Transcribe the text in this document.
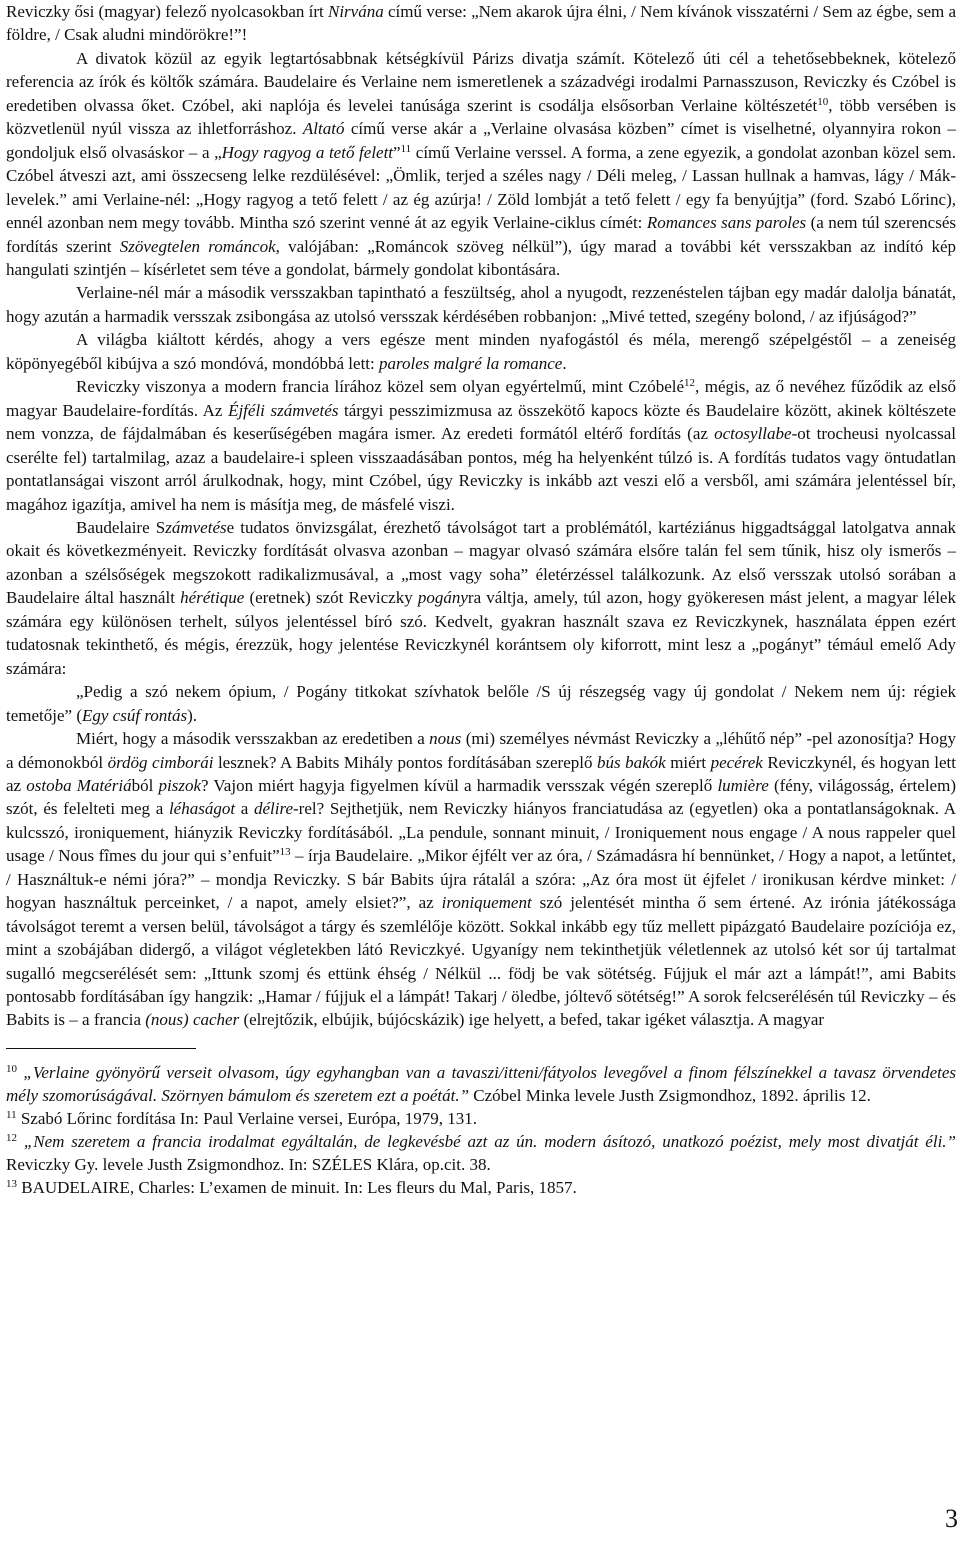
Reviczky ősi (magyar) felező nyolcasokban írt Nirvána című verse: „Nem akarok újra élni, / Nem kívánok visszatérni / Sem az égbe, sem a földre, / Csak aludni mindörökre!”!

A divatok közül az egyik legtartósabbnak kétségkívül Párizs divatja számít. Kötelező úti cél a tehetősebbeknek, kötelező referencia az írók és költők számára. Baudelaire és Verlaine nem ismeretlenek a századvégi irodalmi Parnasszuson, Reviczky és Czóbel is eredetiben olvassa őket. Czóbel, aki naplója és levelei tanúsága szerint is csodálja elsősorban Verlaine költészetét$^{10}$, több versében is közvetlenül nyúl vissza az ihletforráshoz. Altató című verse akár a „Verlaine olvasása közben” címet is viselhetné, olyannyira rokon – gondoljuk első olvasáskor – a „Hogy ragyog a tető felett”$^{11}$ című Verlaine verssel. A forma, a zene egyezik, a gondolat azonban közel sem. Czóbel átveszi azt, ami összecseng lelke rezdülésével: „Ömlik, terjed a széles nagy / Déli meleg, / Lassan hullnak a hamvas, lágy / Mák-levelek.” ami Verlaine-nél: „Hogy ragyog a tető felett / az ég azúrja! / Zöld lombját a tető felett / egy fa benyújtja” (ford. Szabó Lőrinc), ennél azonban nem megy tovább. Mintha szó szerint venné át az egyik Verlaine-ciklus címét: Romances sans paroles (a nem túl szerencsés fordítás szerint Szövegtelen románcok, valójában: „Románcok szöveg nélkül”), úgy marad a további két versszakban az indító kép hangulati szintjén – kísérletet sem téve a gondolat, bármely gondolat kibontására.

Verlaine-nél már a második versszakban tapintható a feszültség, ahol a nyugodt, rezzenéstelen tájban egy madár dalolja bánatát, hogy azután a harmadik versszak zsibongása az utolsó versszak kérdésében robbanjon: „Mivé tetted, szegény bolond, / az ifjúságod?”

A világba kiáltott kérdés, ahogy a vers egésze ment minden nyafogástól és méla, merengő szépelgéstől – a zeneiség köpönyegéből kibújva a szó mondóvá, mondóbbá lett: paroles malgré la romance.

Reviczky viszonya a modern francia lírához közel sem olyan egyértelmű, mint Czóbelé$^{12}$, mégis, az ő nevéhez fűződik az első magyar Baudelaire-fordítás. Az Éjféli számvetés tárgyi pesszimizmusa az összekötő kapocs közte és Baudelaire között, akinek költészete nem vonzza, de fájdalmában és keserűségében magára ismer. Az eredeti formától eltérő fordítás (az octosyllabe-ot trocheusi nyolcassal cserélte fel) tartalmilag, azaz a baudelaire-i spleen visszaadásában pontos, még ha helyenként túlzó is. A fordítás tudatos vagy öntudatlan pontatlanságai viszont arról árulkodnak, hogy, mint Czóbel, úgy Reviczky is inkább azt veszi elő a versből, ami számára jelentéssel bír, magához igazítja, amivel ha nem is másítja meg, de másfelé viszi.

Baudelaire Számvetése tudatos önvizsgálat, érezhető távolságot tart a problémától, kartéziánus higgadtsággal latolgatva annak okait és következményeit. Reviczky fordítását olvasva azonban – magyar olvasó számára elsőre talán fel sem tűnik, hisz oly ismerős – azonban a szélsőségek megszokott radikalizmusával, a „most vagy soha” életérzéssel találkozunk. Az első versszak utolsó sorában a Baudelaire által használt hérétique (eretnek) szót Reviczky pogányra váltja, amely, túl azon, hogy gyökeresen mást jelent, a magyar lélek számára egy különösen terhelt, súlyos jelentéssel bíró szó. Kedvelt, gyakran használt szava ez Reviczkynek, használata éppen ezért tudatosnak tekinthető, és mégis, érezzük, hogy jelentése Reviczkynél korántsem oly kiforrott, mint lesz a „pogányt” témául emelő Ady számára:

„Pedig a szó nekem ópium, / Pogány titkokat szívhatok belőle /S új részegség vagy új gondolat / Nekem nem új: régiek temetője” (Egy csúf rontás).

Miért, hogy a második versszakban az eredetiben a nous (mi) személyes névmást Reviczky a „léhűtő nép” -pel azonosítja? Hogy a démonokból ördög cimborái lesznek? A Babits Mihály pontos fordításában szereplő bús bakók miért pecérek Reviczkynél, és hogyan lett az ostoba Matériából piszok? Vajon miért hagyja figyelmen kívül a harmadik versszak végén szereplő lumière (fény, világosság, értelem) szót, és felelteti meg a léhaságot a délire-rel? Sejthetjük, nem Reviczky hiányos franciatudása az (egyetlen) oka a pontatlanságoknak. A kulcsszó, ironiquement, hiányzik Reviczky fordításából. „La pendule, sonnant minuit, / Ironiquement nous engage / A nous rappeler quel usage / Nous fîmes du jour qui s’enfuit”$^{13}$ – írja Baudelaire. „Mikor éjfélt ver az óra, / Számadásra hí bennünket, / Hogy a napot, a letűntet, / Használtuk-e némi jóra?” – mondja Reviczky. S bár Babits újra rátalál a szóra: „Az óra most üt éjfelet / ironikusan kérdve minket: / hogyan használtuk perceinket, / a napot, amely elsiet?”, az ironiquement szó jelentését mintha ő sem értené. Az irónia játékossága távolságot teremt a versen belül, távolságot a tárgy és szemlélője között. Sokkal inkább egy tűz mellett pipázgató Baudelaire pozíciója ez, mint a szobájában didergő, a világot végletekben látó Reviczkyé. Ugyanígy nem tekinthetjük véletlennek az utolsó két sor új tartalmat sugalló megcserélését sem: „Ittunk szomj és ettünk éhség / Nélkül ... födj be vak sötétség. Fújjuk el már azt a lámpát!”, ami Babits pontosabb fordításában így hangzik: „Hamar / fújjuk el a lámpát! Takarj / öledbe, jóltevő sötétség!” A sorok felcserélésén túl Reviczky – és Babits is – a francia (nous) cacher (elrejtőzik, elbújik, bújócskázik) ige helyett, a befed, takar igéket választja. A magyar

$^{10}$ „Verlaine gyönyörű verseit olvasom, úgy egyhangban van a tavaszi/itteni/fátyolos levegővel a finom félszínekkel a tavasz örvendetes mély szomorúságával. Szörnyen bámulom és szeretem ezt a poétát.” Czóbel Minka levele Justh Zsigmondhoz, 1892. április 12.

$^{11}$ Szabó Lőrinc fordítása In: Paul Verlaine versei, Európa, 1979, 131.

$^{12}$ „Nem szeretem a francia irodalmat egyáltalán, de legkevésbé azt az ún. modern ásítozó, unatkozó poézist, mely most divatját éli.” Reviczky Gy. levele Justh Zsigmondhoz. In: SZÉLES Klára, op.cit. 38.

$^{13}$ BAUDELAIRE, Charles: L’examen de minuit. In: Les fleurs du Mal, Paris, 1857.

3
